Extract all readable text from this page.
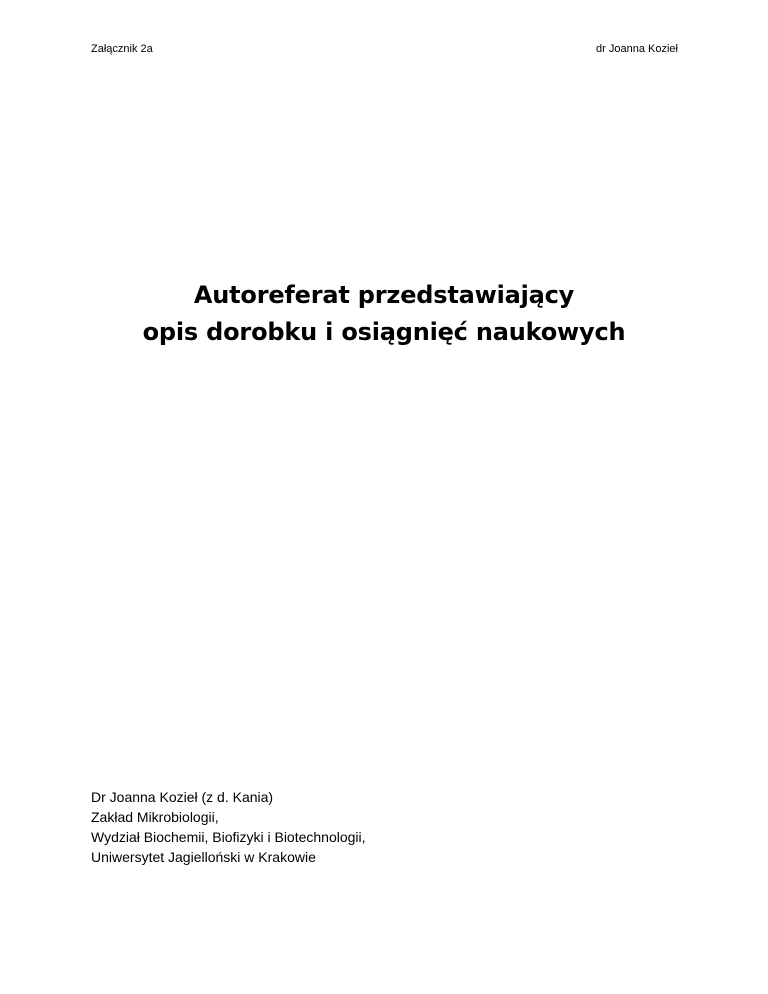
Załącznik 2a	dr Joanna Kozieł
Autoreferat przedstawiający
opis dorobku i osiągnięć naukowych
Dr Joanna Kozieł (z d. Kania)
Zakład Mikrobiologii,
Wydział Biochemii, Biofizyki i Biotechnologii,
Uniwersytet Jagielloński w Krakowie
